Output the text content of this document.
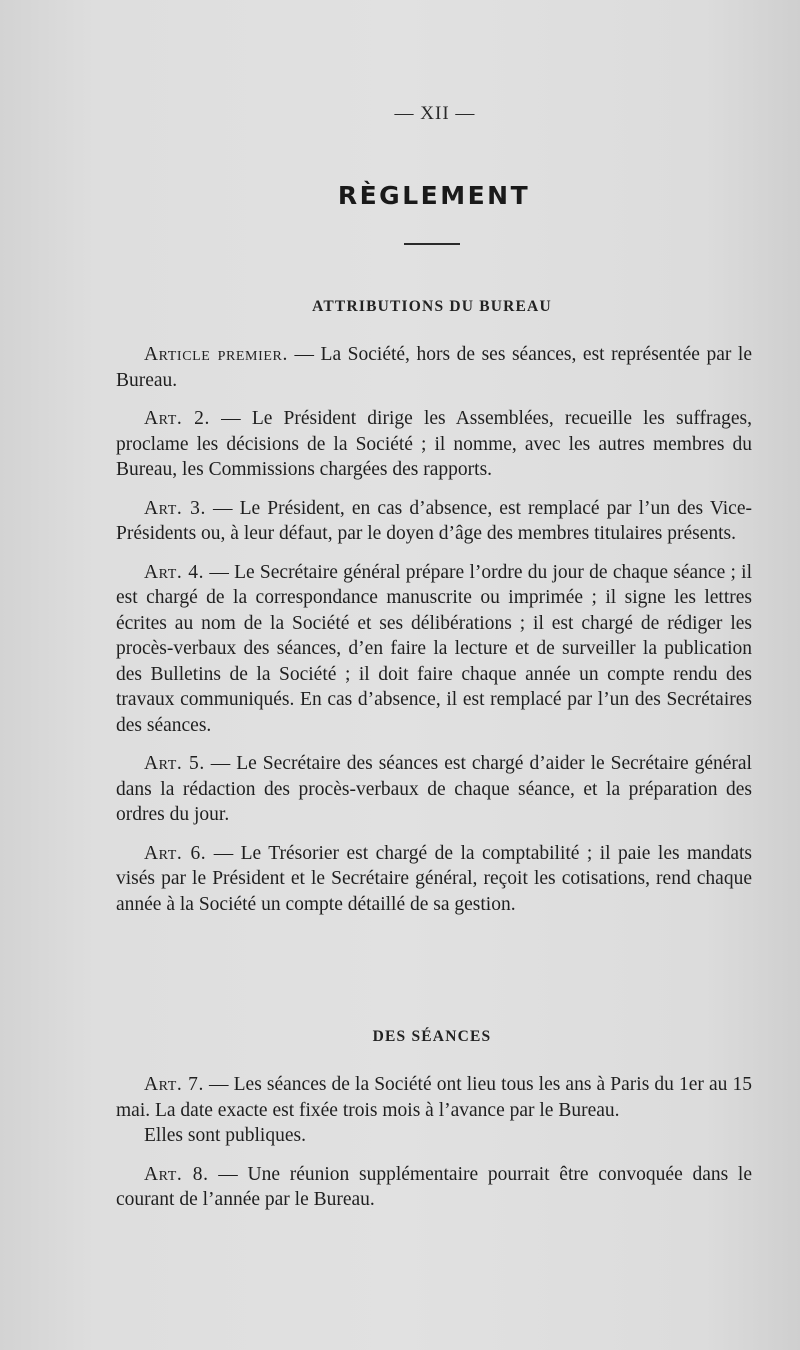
— XII —
RÈGLEMENT
ATTRIBUTIONS DU BUREAU

Article premier. — La Société, hors de ses séances, est représentée par le Bureau.

Art. 2. — Le Président dirige les Assemblées, recueille les suffrages, proclame les décisions de la Société ; il nomme, avec les autres membres du Bureau, les Commissions chargées des rapports.

Art. 3. — Le Président, en cas d’absence, est remplacé par l’un des Vice-Présidents ou, à leur défaut, par le doyen d’âge des membres titulaires présents.

Art. 4. — Le Secrétaire général prépare l’ordre du jour de chaque séance ; il est chargé de la correspondance manuscrite ou imprimée ; il signe les lettres écrites au nom de la Société et ses délibérations ; il est chargé de rédiger les procès-verbaux des séances, d’en faire la lecture et de surveiller la publication des Bulletins de la Société ; il doit faire chaque année un compte rendu des travaux communiqués. En cas d’absence, il est remplacé par l’un des Secrétaires des séances.

Art. 5. — Le Secrétaire des séances est chargé d’aider le Secrétaire général dans la rédaction des procès-verbaux de chaque séance, et la préparation des ordres du jour.

Art. 6. — Le Trésorier est chargé de la comptabilité ; il paie les mandats visés par le Président et le Secrétaire général, reçoit les cotisations, rend chaque année à la Société un compte détaillé de sa gestion.

DES SÉANCES

Art. 7. — Les séances de la Société ont lieu tous les ans à Paris du 1er au 15 mai. La date exacte est fixée trois mois à l’avance par le Bureau.

Elles sont publiques.

Art. 8. — Une réunion supplémentaire pourrait être convoquée dans le courant de l’année par le Bureau.
